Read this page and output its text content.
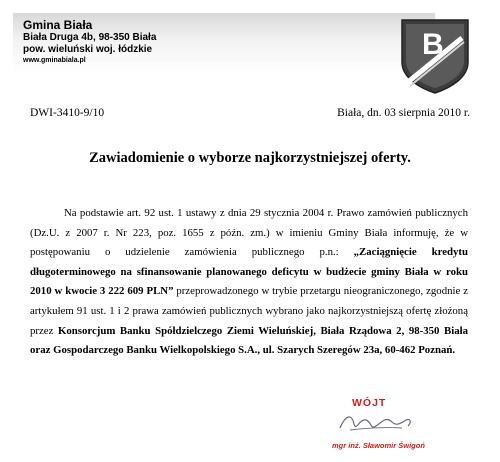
Gmina Biała
Biała Druga 4b, 98-350 Biała
pow. wieluński woj. łódzkie
www.gminabiala.pl	B
DWI-3410-9/10	Biała, dn. 03 sierpnia 2010 r.
Zawiadomienie o wyborze najkorzystniejszej oferty.

Na podstawie art. 92 ust. 1 ustawy z dnia 29 stycznia 2004 r. Prawo zamówień publicznych (Dz.U. z 2007 r. Nr 223, poz. 1655 z późn. zm.) w imieniu Gminy Biała informuję, że w postępowaniu o udzielenie zamówienia publicznego p.n.: „Zaciągnięcie kredytu długoterminowego na sfinansowanie planowanego deficytu w budżecie gminy Biała w roku 2010 w kwocie 3 222 609 PLN” przeprowadzonego w trybie przetargu nieograniczonego, zgodnie z artykułem 91 ust. 1 i 2 prawa zamówień publicznych wybrano jako najkorzystniejszą ofertę złożoną przez Konsorcjum Banku Spółdzielczego Ziemi Wieluńskiej, Biała Rządowa 2, 98-350 Biała oraz Gospodarczego Banku Wielkopolskiego S.A., ul. Szarych Szeregów 23a, 60-462 Poznań.

WÓJT
mgr inż. Sławomir Świgoń
